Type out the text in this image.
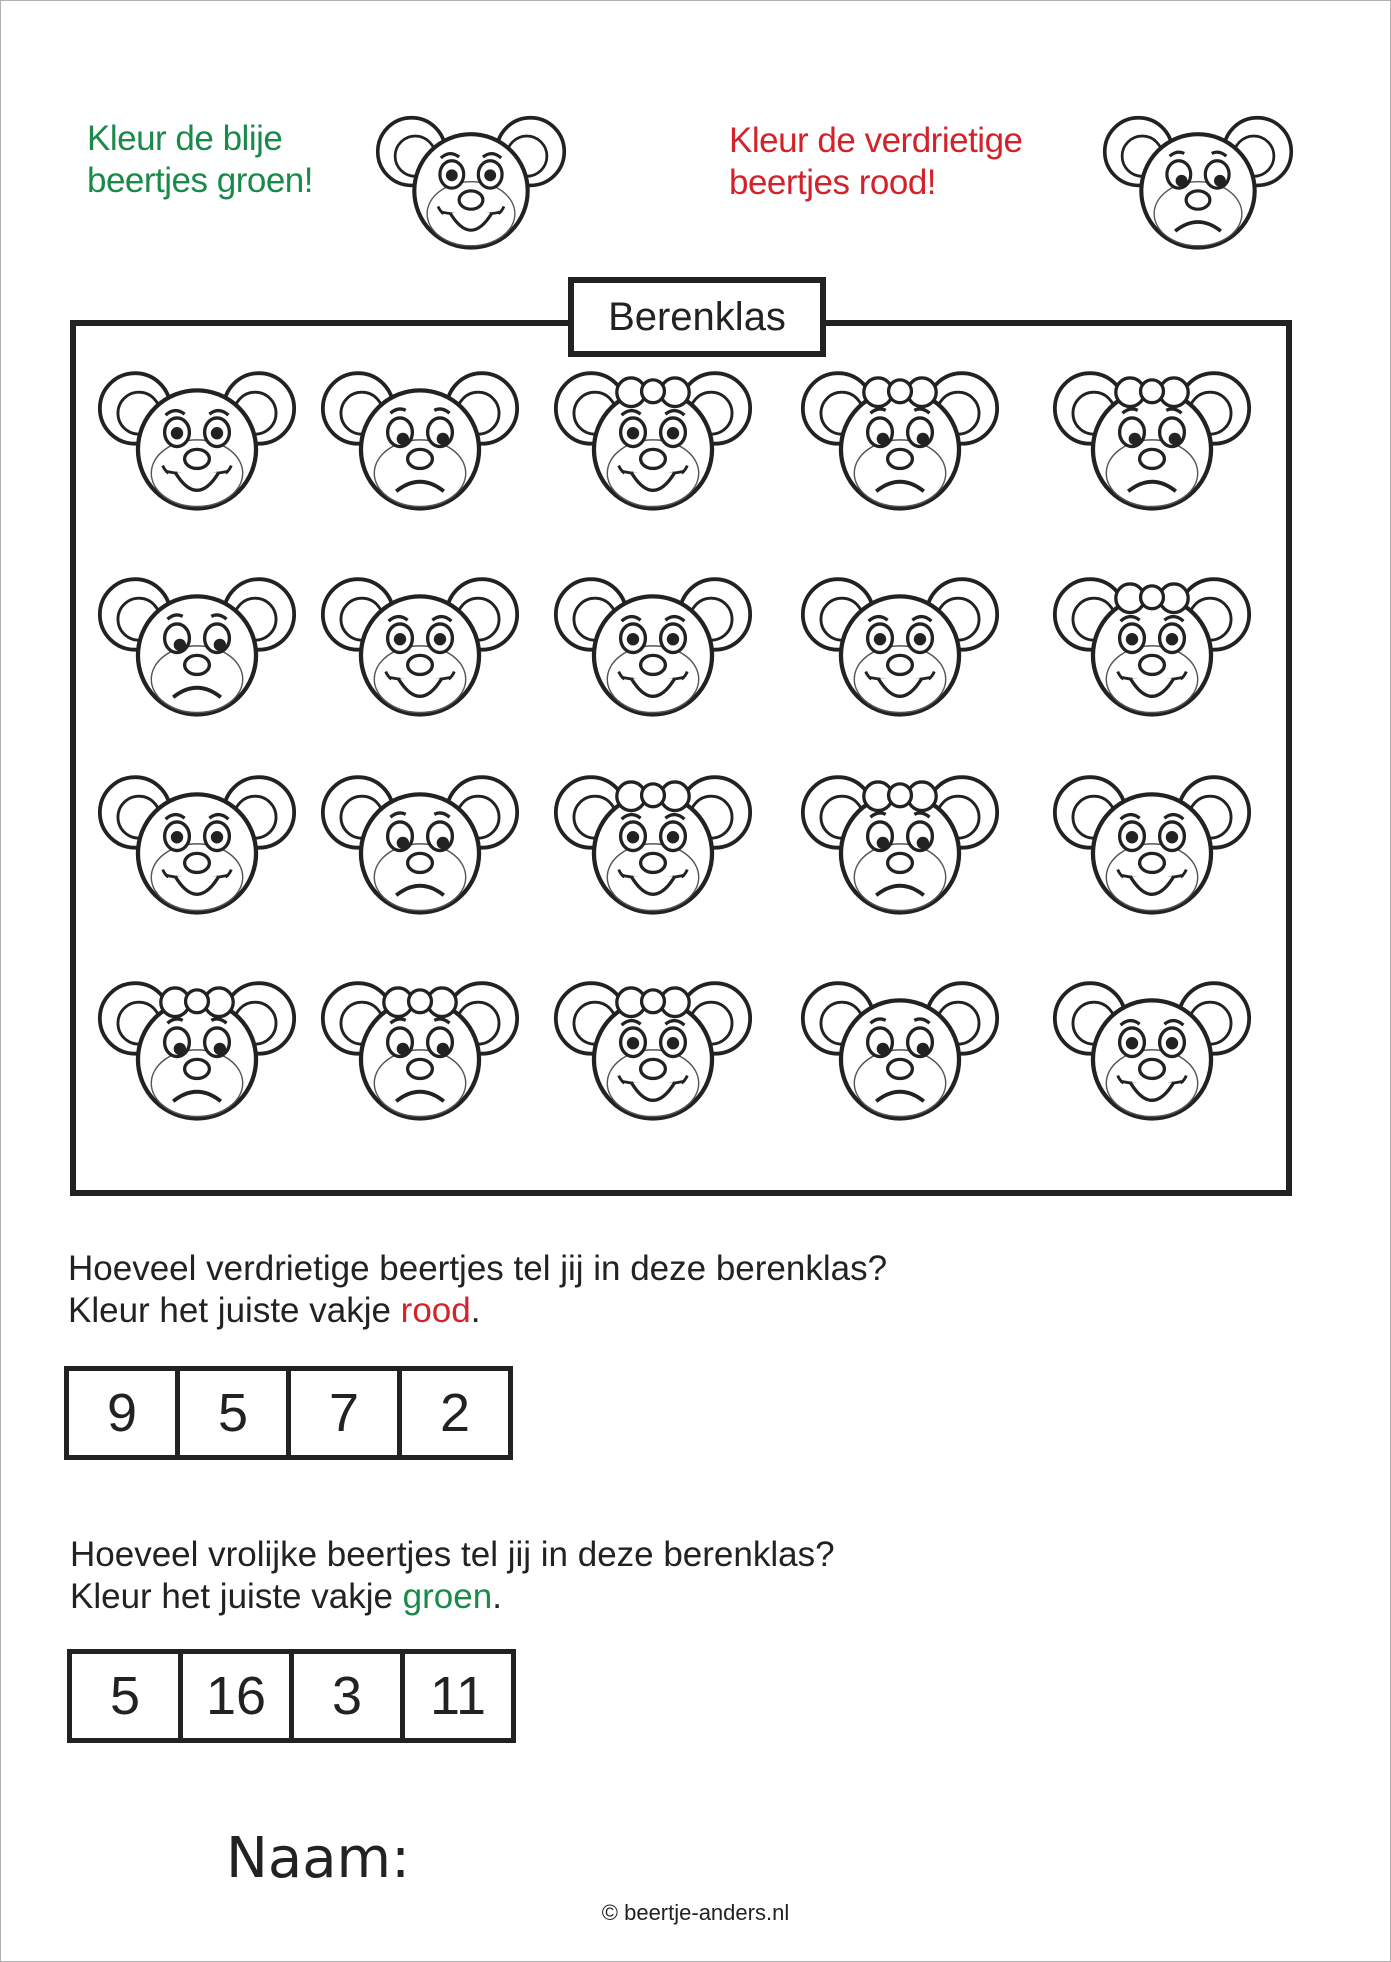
Kleur de blije
beertjes groen!
Kleur de verdrietige
beertjes rood!
Berenklas
Hoeveel verdrietige beertjes tel jij in deze berenklas?
Kleur het juiste vakje rood.
9	5	7	2
Hoeveel vrolijke beertjes tel jij in deze berenklas?
Kleur het juiste vakje groen.
5	16	3	11
Naam:
© beertje-anders.nl
